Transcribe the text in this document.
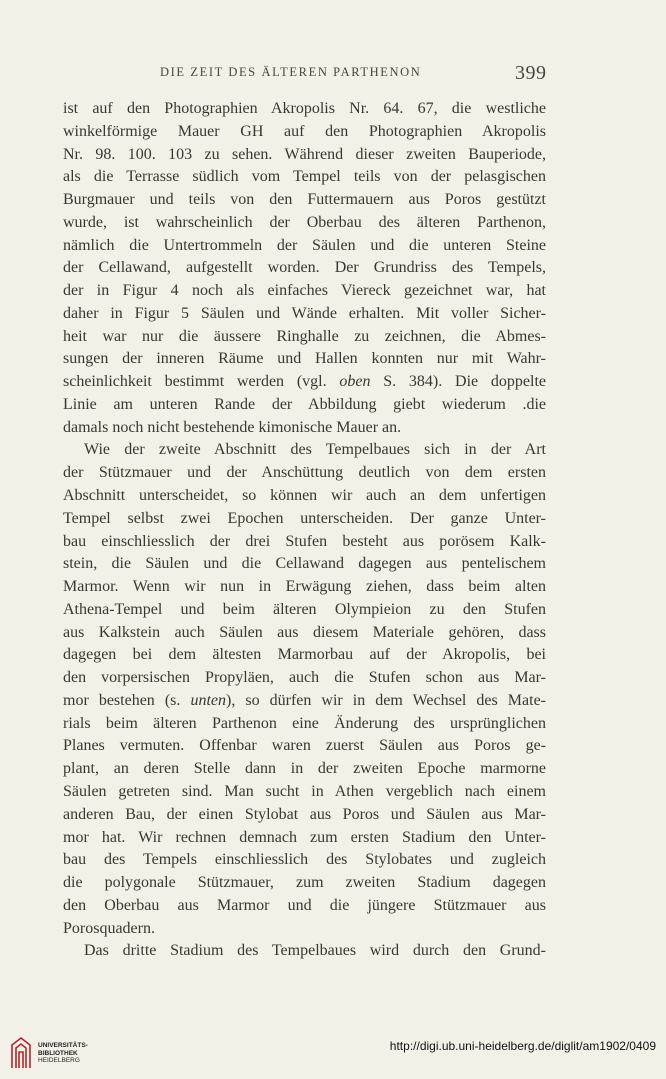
DIE ZEIT DES ÄLTEREN PARTHENON	399
ist auf den Photographien Akropolis Nr. 64. 67, die westliche
winkelförmige Mauer GH auf den Photographien Akropolis
Nr. 98. 100. 103 zu sehen. Während dieser zweiten Bauperiode,
als die Terrasse südlich vom Tempel teils von der pelasgischen
Burgmauer und teils von den Futtermauern aus Poros gestützt
wurde, ist wahrscheinlich der Oberbau des älteren Parthenon,
nämlich die Untertrommeln der Säulen und die unteren Steine
der Cellawand, aufgestellt worden. Der Grundriss des Tempels,
der in Figur 4 noch als einfaches Viereck gezeichnet war, hat
daher in Figur 5 Säulen und Wände erhalten. Mit voller Sicher-
heit war nur die äussere Ringhalle zu zeichnen, die Abmes-
sungen der inneren Räume und Hallen konnten nur mit Wahr-
scheinlichkeit bestimmt werden (vgl. oben S. 384). Die doppelte
Linie am unteren Rande der Abbildung giebt wiederum .die
damals noch nicht bestehende kimonische Mauer an.
Wie der zweite Abschnitt des Tempelbaues sich in der Art
der Stützmauer und der Anschüttung deutlich von dem ersten
Abschnitt unterscheidet, so können wir auch an dem unfertigen
Tempel selbst zwei Epochen unterscheiden. Der ganze Unter-
bau einschliesslich der drei Stufen besteht aus porösem Kalk-
stein, die Säulen und die Cellawand dagegen aus pentelischem
Marmor. Wenn wir nun in Erwägung ziehen, dass beim alten
Athena-Tempel und beim älteren Olympieion zu den Stufen
aus Kalkstein auch Säulen aus diesem Materiale gehören, dass
dagegen bei dem ältesten Marmorbau auf der Akropolis, bei
den vorpersischen Propyläen, auch die Stufen schon aus Mar-
mor bestehen (s. unten), so dürfen wir in dem Wechsel des Mate-
rials beim älteren Parthenon eine Änderung des ursprünglichen
Planes vermuten. Offenbar waren zuerst Säulen aus Poros ge-
plant, an deren Stelle dann in der zweiten Epoche marmorne
Säulen getreten sind. Man sucht in Athen vergeblich nach einem
anderen Bau, der einen Stylobat aus Poros und Säulen aus Mar-
mor hat. Wir rechnen demnach zum ersten Stadium den Unter-
bau des Tempels einschliesslich des Stylobates und zugleich
die polygonale Stützmauer, zum zweiten Stadium dagegen
den Oberbau aus Marmor und die jüngere Stützmauer aus
Porosquadern.
Das dritte Stadium des Tempelbaues wird durch den Grund-
UNIVERSITÄTS-
BIBLIOTHEK
HEIDELBERG
http://digi.ub.uni-heidelberg.de/diglit/am1902/0409
